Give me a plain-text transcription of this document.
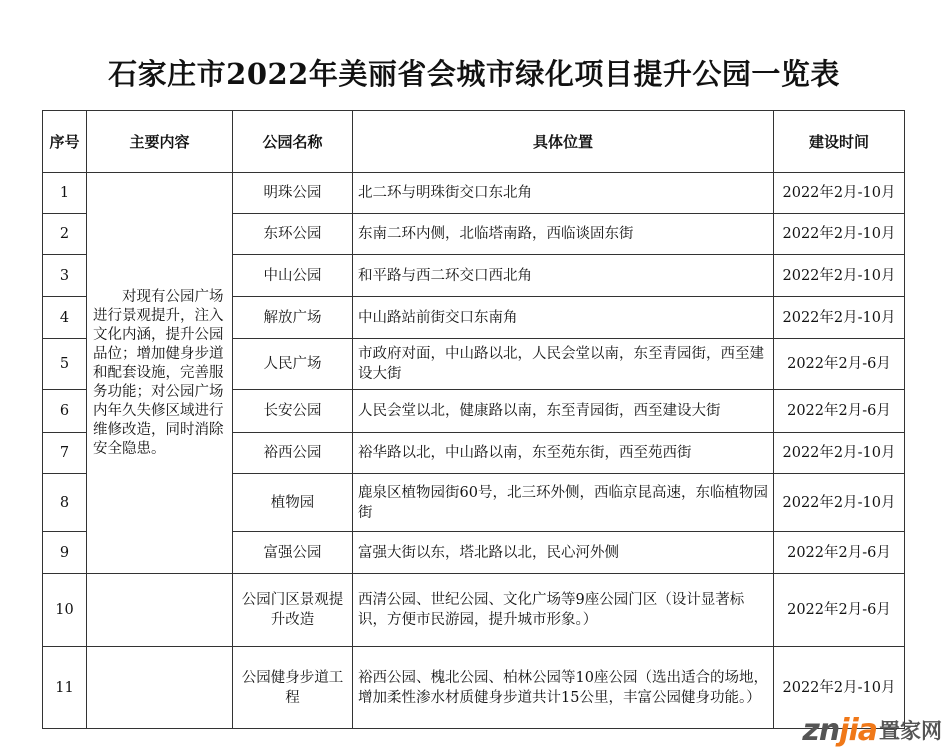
石家庄市2022年美丽省会城市绿化项目提升公园一览表
序号	主要内容	公园名称	具体位置	建设时间
1	　　对现有公园广场进行景观提升，注入文化内涵，提升公园品位；增加健身步道和配套设施，完善服务功能；对公园广场内年久失修区域进行维修改造，同时消除安全隐患。	明珠公园	北二环与明珠街交口东北角	2022年2月-10月
2		东环公园	东南二环内侧，北临塔南路，西临谈固东街	2022年2月-10月
3		中山公园	和平路与西二环交口西北角	2022年2月-10月
4		解放广场	中山路站前街交口东南角	2022年2月-10月
5		人民广场	市政府对面，中山路以北，人民会堂以南，东至青园街，西至建设大街	2022年2月-6月
6		长安公园	人民会堂以北，健康路以南，东至青园街，西至建设大街	2022年2月-6月
7		裕西公园	裕华路以北，中山路以南，东至苑东街，西至苑西街	2022年2月-10月
8		植物园	鹿泉区植物园街60号，北三环外侧，西临京昆高速，东临植物园街	2022年2月-10月
9		富强公园	富强大街以东，塔北路以北，民心河外侧	2022年2月-6月
10		公园门区景观提升改造	西清公园、世纪公园、文化广场等9座公园门区（设计显著标识，方便市民游园，提升城市形象。）	2022年2月-6月
11		公园健身步道工程	裕西公园、槐北公园、柏林公园等10座公园（选出适合的场地，增加柔性渗水材质健身步道共计15公里，丰富公园健身功能。）	2022年2月-10月
znjia 置家网
